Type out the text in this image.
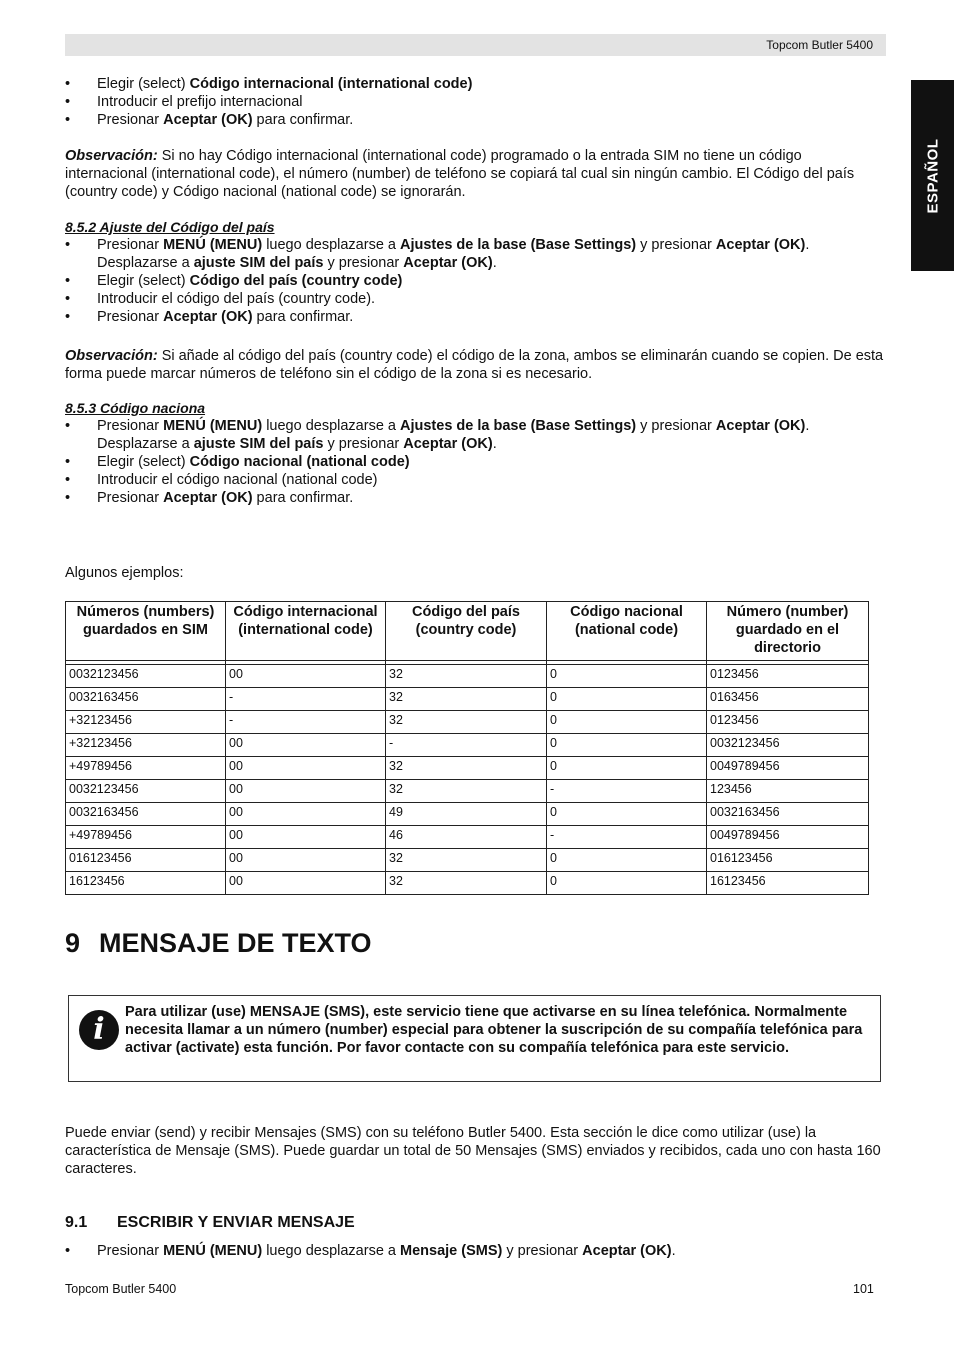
Topcom Butler 5400
ESPAÑOL
• Elegir (select) Código internacional (international code)
• Introducir el prefijo internacional
• Presionar Aceptar (OK) para confirmar.

Observación: Si no hay Código internacional (international code) programado o la entrada SIM no tiene un código internacional (international code), el número (number) de teléfono se copiará tal cual sin ningún cambio. El Código del país (country code) y Código nacional (national code) se ignorarán.

8.5.2 Ajuste del Código del país

• Presionar MENÚ (MENU) luego desplazarse a Ajustes de la base (Base Settings) y presionar Aceptar (OK). Desplazarse a ajuste SIM del país y presionar Aceptar (OK).
• Elegir (select) Código del país (country code)
• Introducir el código del país (country code).
• Presionar Aceptar (OK) para confirmar.

Observación: Si añade al código del país (country code) el código de la zona, ambos se eliminarán cuando se copien. De esta forma puede marcar números de teléfono sin el código de la zona si es necesario.

8.5.3 Código naciona

• Presionar MENÚ (MENU) luego desplazarse a Ajustes de la base (Base Settings) y presionar Aceptar (OK). Desplazarse a ajuste SIM del país y presionar Aceptar (OK).
• Elegir (select) Código nacional (national code)
• Introducir el código nacional (national code)
• Presionar Aceptar (OK) para confirmar.
Algunos ejemplos:
Números (numbers) guardados en SIM	Código internacional (international code)	Código del país (country code)	Código nacional (national code)	Número (number) guardado en el directorio

0032123456	00	32	0	0123456
0032163456	-	32	0	0163456
+32123456	-	32	0	0123456
+32123456	00	-	0	0032123456
+49789456	00	32	0	0049789456
0032123456	00	32	-	123456
0032163456	00	49	0	0032163456
+49789456	00	46	-	0049789456
016123456	00	32	0	016123456
16123456	00	32	0	16123456
9 MENSAJE DE TEXTO
i	Para utilizar (use) MENSAJE (SMS), este servicio tiene que activarse en su línea telefónica. Normalmente necesita llamar a un número (number) especial para obtener la suscripción de su compañía telefónica para activar (activate) esta función. Por favor contacte con su compañía telefónica para este servicio.
Puede enviar (send) y recibir Mensajes (SMS) con su teléfono Butler 5400. Esta sección le dice como utilizar (use) la característica de Mensaje (SMS). Puede guardar un total de 50 Mensajes (SMS) enviados y recibidos, cada uno con hasta 160 caracteres.
9.1 ESCRIBIR Y ENVIAR MENSAJE
• Presionar MENÚ (MENU) luego desplazarse a Mensaje (SMS) y presionar Aceptar (OK).
Topcom Butler 5400	101
